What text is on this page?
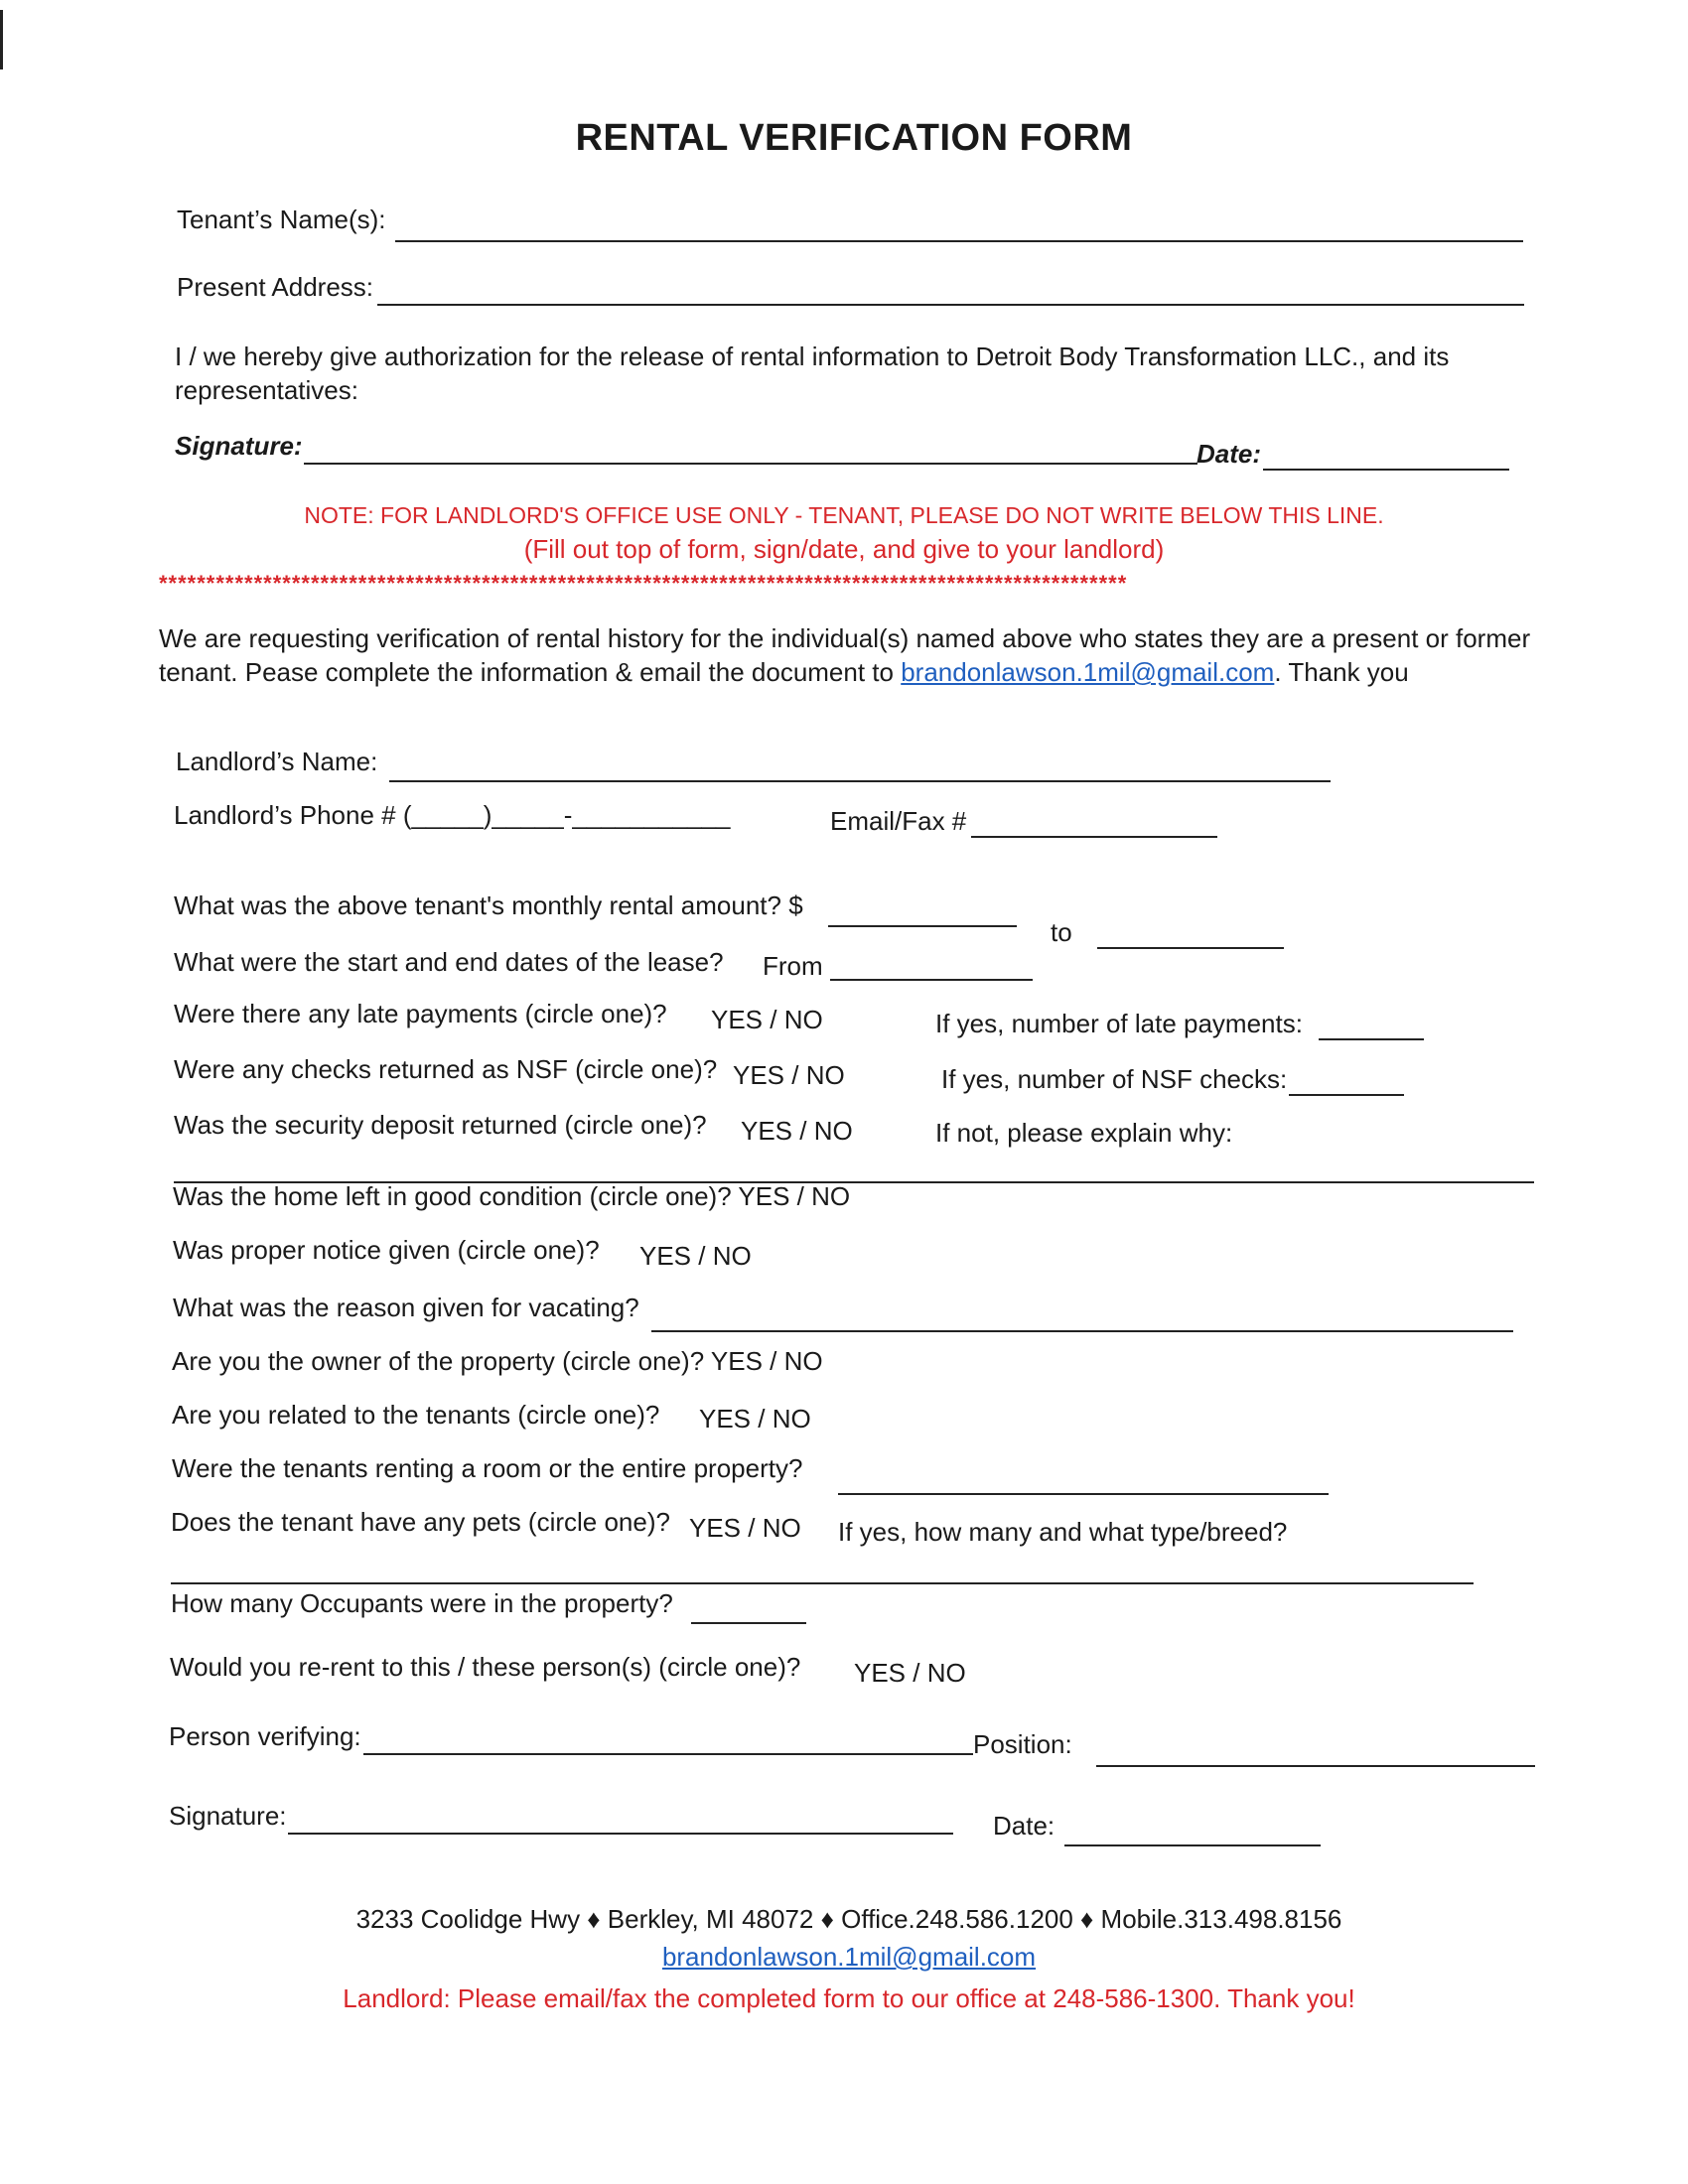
RENTAL VERIFICATION FORM
Tenant’s Name(s):
Present Address:
I / we hereby give authorization for the release of rental information to Detroit Body Transformation LLC., and its representatives:
Signature:	Date:
NOTE: FOR LANDLORD'S OFFICE USE ONLY - TENANT, PLEASE DO NOT WRITE BELOW THIS LINE.
(Fill out top of form, sign/date, and give to your landlord)
******************************************************************************************************
We are requesting verification of rental history for the individual(s) named above who states they are a present or former tenant. Pease complete the information & email the document to brandonlawson.1mil@gmail.com. Thank you
Landlord’s Name:
Landlord’s Phone # (_____)_____-___________	Email/Fax #
What was the above tenant's monthly rental amount? $
to
What were the start and end dates of the lease? From
Were there any late payments (circle one)? YES / NO	If yes, number of late payments:
Were any checks returned as NSF (circle one)? YES / NO	If yes, number of NSF checks:
Was the security deposit returned (circle one)? YES / NO	If not, please explain why:
Was the home left in good condition (circle one)? YES / NO
Was proper notice given (circle one)? YES / NO
What was the reason given for vacating?
Are you the owner of the property (circle one)? YES / NO
Are you related to the tenants (circle one)? YES / NO
Were the tenants renting a room or the entire property?
Does the tenant have any pets (circle one)? YES / NO If yes, how many and what type/breed?
How many Occupants were in the property?
Would you re-rent to this / these person(s) (circle one)? YES / NO
Person verifying:	Position:
Signature:	Date:
3233 Coolidge Hwy ♦ Berkley, MI 48072 ♦ Office.248.586.1200 ♦ Mobile.313.498.8156
brandonlawson.1mil@gmail.com
Landlord: Please email/fax the completed form to our office at 248-586-1300. Thank you!
